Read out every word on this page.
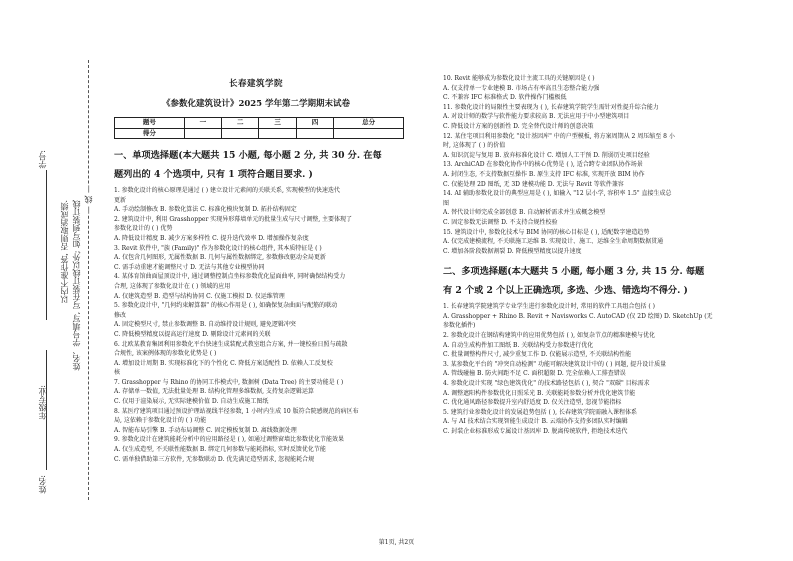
姓名:
年级专业:
学号:
以内不准作答, 否则取消成绩. 姓名、学号填写, 写在装订线以外; 如写到装订线
— 线 —
长春建筑学院
《参数化建筑设计》2025 学年第二学期期末试卷
题号	一	二	三	四	总分
得分					
一、单项选择题(本大题共 15 小题, 每小题 2 分, 共 30 分. 在每
题列出的 4 个选项中, 只有 1 项符合题目要求. )

1. 参数化设计的核心原理是通过 ( ) 建立设计元素间的关联关系, 实现模型的快速迭代

更新

A. 手动绘制修改 B. 参数化算法 C. 标准化模块复制 D. 拓扑结构固定

2. 建筑设计中, 利用 Grasshopper 实现异形幕墙单元的批量生成与尺寸调整, 主要体现了

参数化设计的 ( ) 优势

A. 降低设计精度 B. 减少方案多样性 C. 提升迭代效率 D. 增加操作复杂度

3. Revit 软件中, "族 (Family)" 作为参数化设计的核心组件, 其本质特征是 ( )

A. 仅包含几何图形, 无属性数据 B. 几何与属性数据绑定, 参数修改驱动全局更新

C. 需手动重建才能调整尺寸 D. 无法与其他专业模型协同

4. 某体育馆曲面屋顶设计中, 通过调整控制点坐标参数优化屋面曲率, 同时确保结构受力

合理, 这体现了参数化设计在 ( ) 领域的应用

A. 仅建筑造型 B. 造型与结构协同 C. 仅施工模拟 D. 仅运维管理

5. 参数化设计中, "几何约束解算器" 的核心作用是 ( ), 如确保复杂曲面与配筋的联动

修改

A. 固定模型尺寸, 禁止参数调整 B. 自动维持设计规则, 避免逻辑冲突

C. 降低模型精度以提高运行速度 D. 剔除设计元素间的关联

6. 北欧某教育集团利用参数化平台快速生成装配式教室组合方案, 并一键校验日照与疏散

合规性, 该案例体现的参数化优势是 ( )

A. 增加设计周期 B. 实现标准化下的个性化 C. 降低方案适配性 D. 依赖人工反复校

核

7. Grasshopper 与 Rhino 的协同工作模式中, 数据树 (Data Tree) 的主要功能是 ( )

A. 存储单一数值, 无法批量处理 B. 结构化管理多维数据, 支持复杂逻辑运算

C. 仅用于渲染展示, 无实际建模价值 D. 自动生成施工图纸

8. 某医疗建筑项目通过预设护理站视线半径参数, 1 小时内生成 10 版符合院感规范的病区布

局, 这依赖于参数化设计的 ( ) 功能

A. 智能布局引擎 B. 手动布局调整 C. 固定模板复制 D. 离线数据处理

9. 参数化设计在建筑能耗分析中的应用路径是 ( ), 如通过调整窗墙比参数优化节能效果

A. 仅生成造型, 不关联性能数据 B. 绑定几何参数与能耗指标, 实时反馈优化节能

C. 需单独借助第三方软件, 无参数联动 D. 优先满足造型需求, 忽视能耗合规

10. Revit 能够成为参数化设计主流工具的关键原因是 ( )

A. 仅支持单一专业建模 B. 市场占有率高且生态整合能力强

C. 不兼容 IFC 标准格式 D. 软件操作门槛极低

11. 参数化设计的局限性主要表现为 ( ), 长春建筑学院学生需针对性提升综合能力

A. 对设计师的数学与软件能力要求较高 B. 无法应用于中小型建筑项目

C. 降低设计方案的创新性 D. 完全替代设计师的创意决策

12. 某住宅项目利用参数化 "设计基因库" 中的户型模板, 将方案周期从 2 周压缩至 8 小

时, 这体现了 ( ) 的价值

A. 知识沉淀与复用 B. 放弃标准化设计 C. 增加人工干预 D. 削弱历史项目经验

13. ArchiCAD 在参数化协作中的核心优势是 ( ), 适合跨专业团队协作场景

A. 封闭生态, 不支持数据互操作 B. 原生支持 IFC 标准, 实现开放 BIM 协作

C. 仅能处理 2D 图纸, 无 3D 建模功能 D. 无法与 Revit 等软件兼容

14. AI 辅助参数化设计的典型应用是 ( ), 如输入 "12 层小学, 容积率 1.5" 直接生成总

图

A. 替代设计师完成全部创意 B. 自动解析需求并生成概念模型

C. 固定参数无法调整 D. 不支持合规性校验

15. 建筑设计中, 参数化技术与 BIM 协同的核心目标是 ( ), 适配数字建造趋势

A. 仅完成建模流程, 不关联施工运维 B. 实现设计、施工、运维全生命周期数据贯通

C. 增加各阶段数据割裂 D. 降低模型精度以提升速度

二、多项选择题(本大题共 5 小题, 每小题 3 分, 共 15 分. 每题
有 2 个或 2 个以上正确选项, 多选、少选、错选均不得分. )

1. 长春建筑学院建筑学专业学生进行参数化设计时, 常用的软件工具组合包括 ( )

A. Grasshopper + Rhino B. Revit + Navisworks C. AutoCAD (仅 2D 绘图) D. SketchUp (无

参数化插件)

2. 参数化设计在钢结构建筑中的应用优势包括 ( ), 如复杂节点的精准建模与优化

A. 自动生成构件加工图纸 B. 关联结构受力参数进行优化

C. 批量调整构件尺寸, 减少重复工作 D. 仅能展示造型, 不关联结构性能

3. 某参数化平台的 "冲突自动检测" 功能可解决建筑设计中的 ( ) 问题, 提升设计质量

A. 管线碰撞 B. 防火间距不足 C. 面积超限 D. 完全依赖人工排查错误

4. 参数化设计实现 "绿色建筑优化" 的技术路径包括 ( ), 契合 "双碳" 目标需求

A. 调整遮阳构件参数优化日照采光 B. 关联能耗参数分析并优化建筑节能

C. 优化通风路径参数提升室内舒适度 D. 仅关注造型, 忽视节能指标

5. 建筑行业参数化设计的发展趋势包括 ( ), 长春建筑学院需融入课程体系

A. 与 AI 技术结合实现智能生成设计 B. 云端协作支持多团队实时编辑

C. 封装企业标准形成专属设计基因库 D. 脱离传统软件, 拒绝技术迭代

第1页, 共2页
